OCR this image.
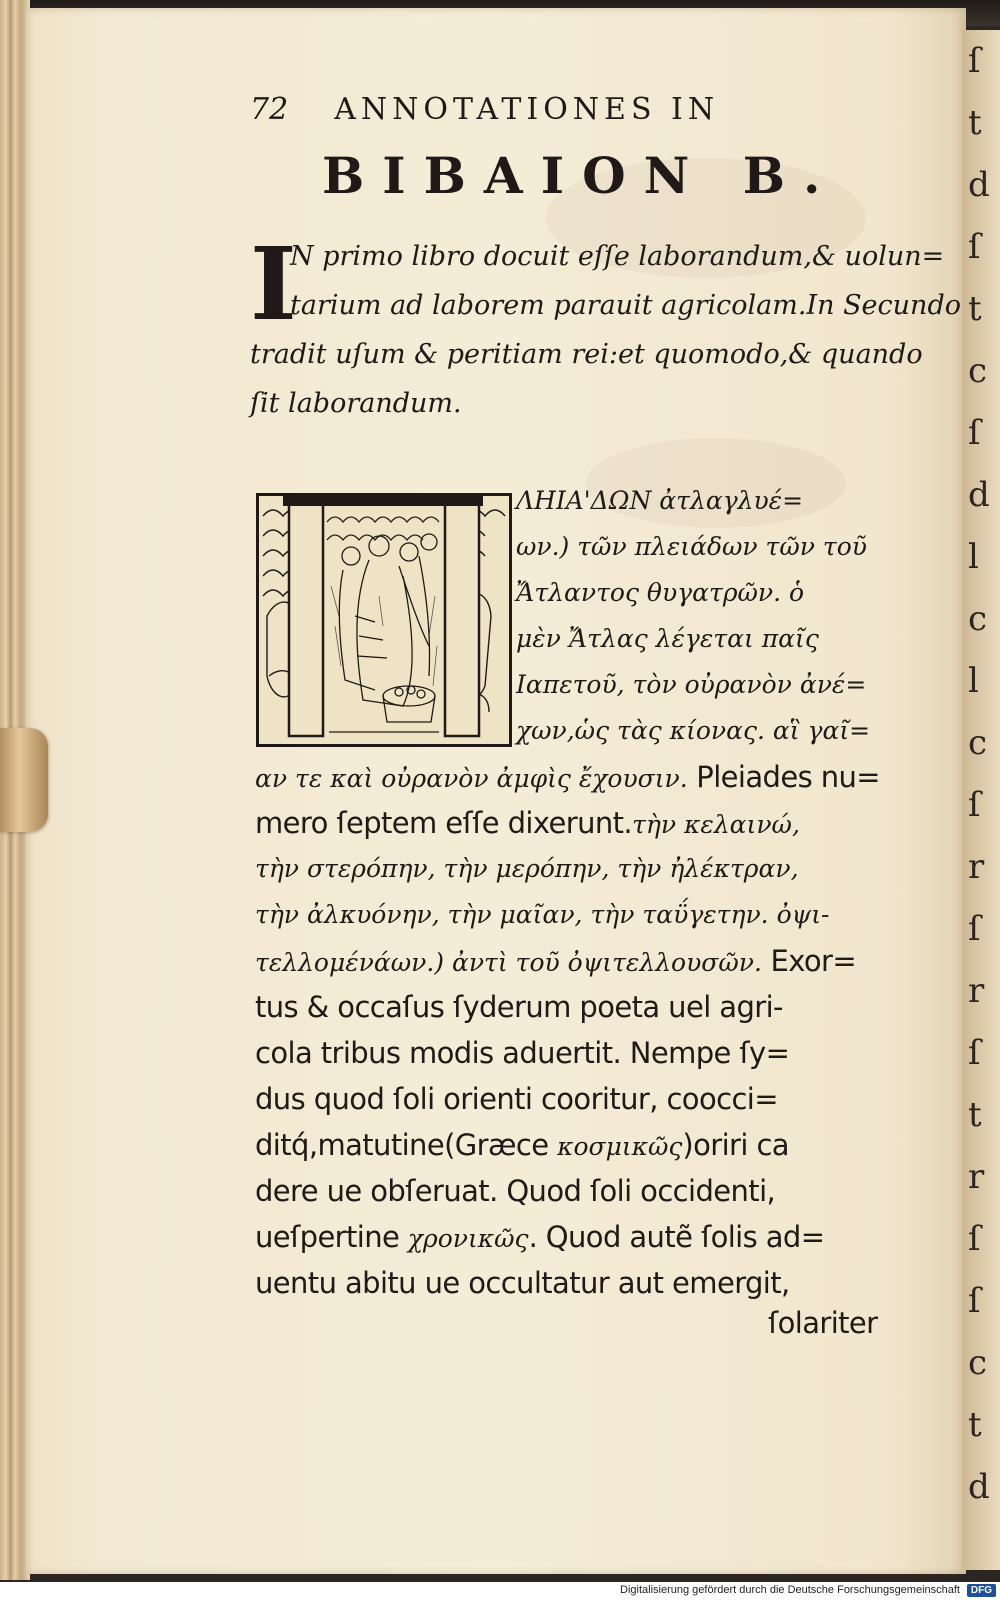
ſ
t
d
ſ
t
c
ſ
d
l
c
l
c
ſ
r
ſ
r
ſ
t
r
ſ
ſ
c
t
d
72 ANNOTATIONES IN
BIBAION B.
I
N primo libro docuit eſſe laborandum,& uolun=
tarium ad laborem parauit agricolam.In Secundo
tradit uſum & peritiam rei:et quomodo,& quando
ſit laborandum.
ΛΗΙΑ'ΔΩΝ ἀτλαγλυέ=
ων.) τῶν πλειάδων τῶν τοῦ
Ἄτλαντος θυγατρῶν. ὁ
μὲν Ἄτλας λέγεται παῖς
Ιαπετοῦ, τὸν οὐρανὸν ἀνέ=
χων,ὡς τὰς κίονας. αἳ γαῖ=
αν τε καὶ οὐρανὸν ἀμφὶς ἔχουσιν. Pleiades nu=
mero ſeptem eſſe dixerunt.τὴν κελαινώ,
τὴν στερόπην, τὴν μερόπην, τὴν ἠλέκτραν,
τὴν ἀλκυόνην, τὴν μαῖαν, τὴν ταΰγετην. ὀψι-
τελλομένάων.) ἀντὶ τοῦ ὀψιτελλουσῶν. Exor=
tus & occaſus ſyderum poeta uel agri-
cola tribus modis aduertit. Nempe ſy=
dus quod ſoli orienti cooritur, coocci=
ditq́,matutine(Græce κοσμικῶς)oriri ca
dere ue obſeruat. Quod ſoli occidenti,
ueſpertine χρονικῶς. Quod autẽ ſolis ad=
uentu abitu ue occultatur aut emergit,
ſolariter
Digitalisierung gefördert durch die Deutsche Forschungsgemeinschaft	DFG
